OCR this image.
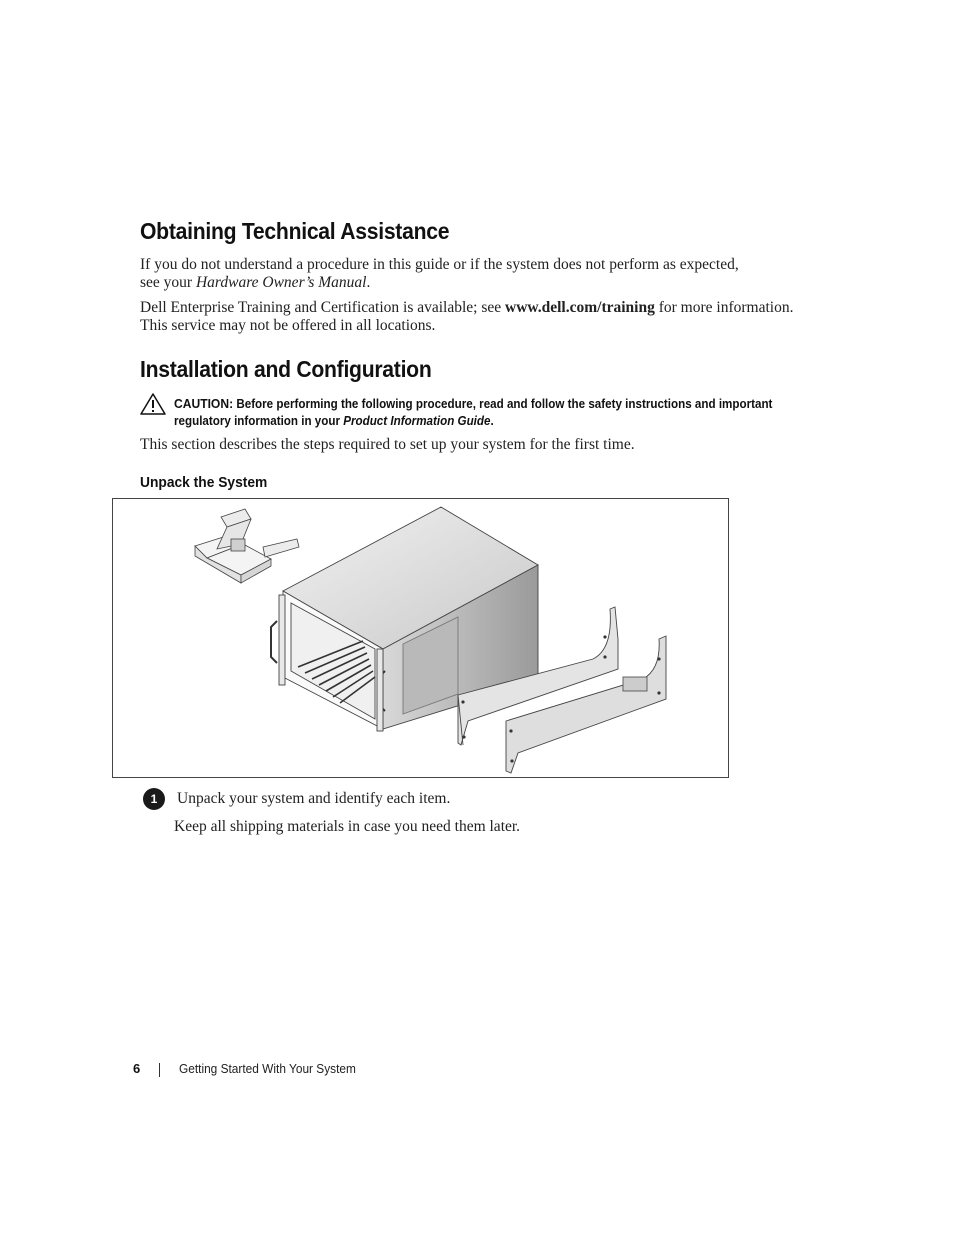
Obtaining Technical Assistance

If you do not understand a procedure in this guide or if the system does not perform as expected,
see your Hardware Owner’s Manual.

Dell Enterprise Training and Certification is available; see www.dell.com/training for more information.
This service may not be offered in all locations.

Installation and Configuration
CAUTION: Before performing the following procedure, read and follow the safety instructions and important
regulatory information in your Product Information Guide.

This section describes the steps required to set up your system for the first time.

Unpack the System
1	Unpack your system and identify each item.

Keep all shipping materials in case you need them later.

6	Getting Started With Your System
